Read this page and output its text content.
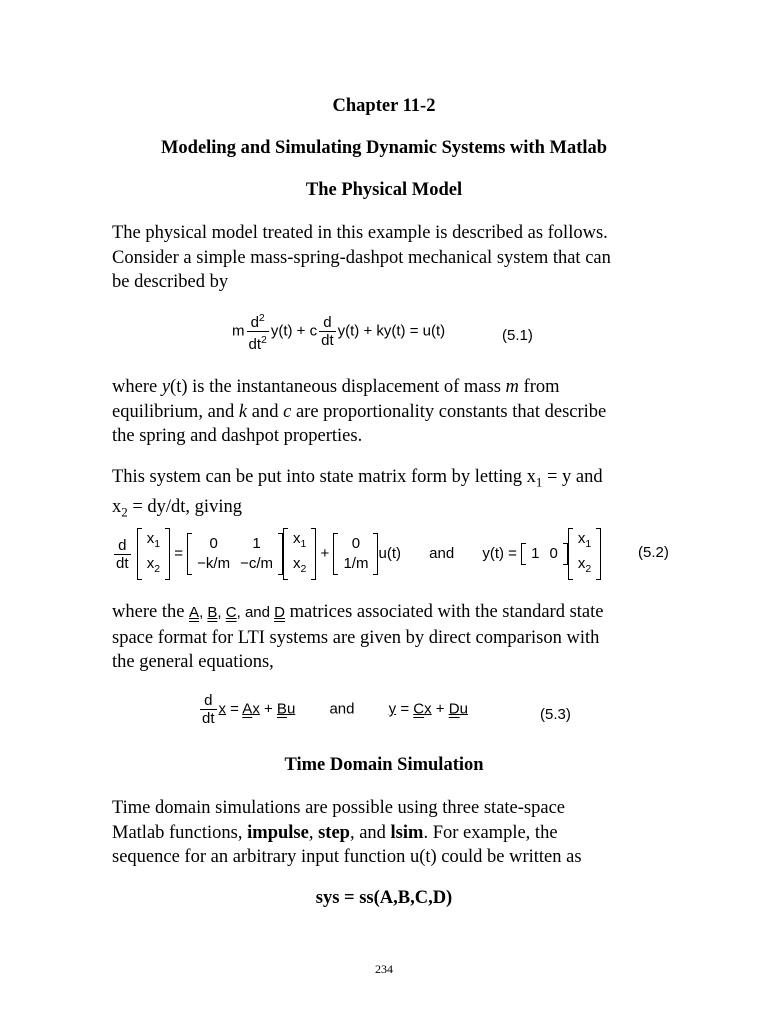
Chapter 11-2
Modeling and Simulating Dynamic Systems with Matlab
The Physical Model
The physical model treated in this example is described as follows.
Consider a simple mass-spring-dashpot mechanical system that can
be described by
m $\frac{d^2}{dt^2} y(t) + c \frac{d}{dt} y(t) + ky(t) = u(t)$	(5.1)
where y(t) is the instantaneous displacement of mass m from
equilibrium, and k and c are proportionality constants that describe
the spring and dashpot properties.
This system can be put into state matrix form by letting $x_1 = y$ and
$x_2 = dy/dt$, giving
$\frac{d}{dt}$
$x_1$
$x_2$
=
0	1
−k/m	−c/m
$x_1$
$x_2$
+
0
1/m
u(t) and y(t) = 1	0
$x_1$
$x_2$
(5.2)
where the A, B, C, and D matrices associated with the standard state
space format for LTI systems are given by direct comparison with
the general equations,
$\frac{d}{dt}$ x = Ax + Bu and y = Cx + Du	(5.3)
Time Domain Simulation
Time domain simulations are possible using three state-space
Matlab functions, impulse, step, and lsim. For example, the
sequence for an arbitrary input function u(t) could be written as
sys = ss(A,B,C,D)
234
